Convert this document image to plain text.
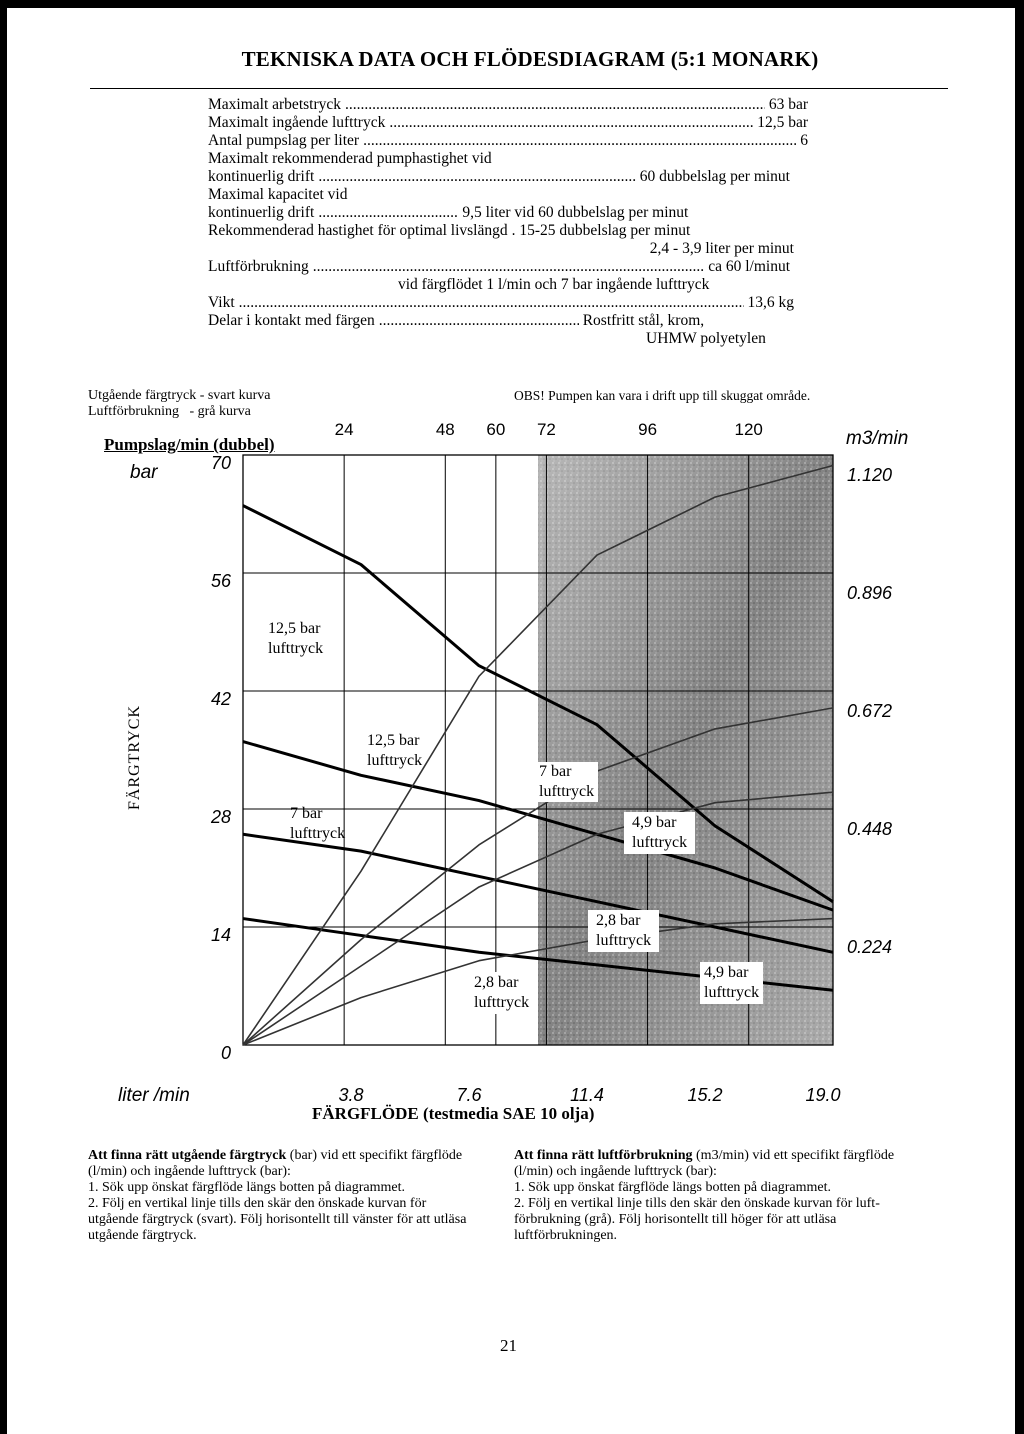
TEKNISKA DATA OCH FLÖDESDIAGRAM (5:1 MONARK)
Maximalt arbetstryck .....	63 bar
Maximalt ingående lufttryck .....	12,5 bar
Antal pumpslag per liter .....	6
Maximalt rekommenderad pumphastighet vid
kontinuerlig drift .....	60 dubbelslag per minut
Maximal kapacitet vid
kontinuerlig drift .....	9,5 liter vid 60 dubbelslag per minut
Rekommenderad hastighet för optimal livslängd . 15-25 dubbelslag per minut
2,4 - 3,9 liter per minut
Luftförbrukning .....	ca 60 l/minut
vid färgflödet 1 l/min och 7 bar ingående lufttryck
Vikt .....	13,6 kg
Delar i kontakt med färgen .....	Rostfritt stål, krom,
UHMW polyetylen
Utgående färgtryck - svart kurva
Luftförbrukning   - grå kurva
OBS! Pumpen kan vara i drift upp till skuggat område.
Pumpslag/min (dubbel)
bar
m3/min
FÄRGTRYCK
liter /min
FÄRGFLÖDE (testmedia SAE 10 olja)
24	48 60 72	96	120
70
56
42
28
14
0
1.120
0.896
0.672
0.448
0.224
3.8	7.6	11.4	15.2	19.0
12,5 bar
lufttryck
12,5 bar
lufttryck
7 bar
lufttryck
7 bar
lufttryck
4,9 bar
lufttryck
2,8 bar
lufttryck
2,8 bar
lufttryck
4,9 bar
lufttryck
Att finna rätt utgående färgtryck (bar) vid ett specifikt färgflöde (l/min) och ingående lufttryck (bar):
1. Sök upp önskat färgflöde längs botten på diagrammet.
2. Följ en vertikal linje tills den skär den önskade kurvan för utgående färgtryck (svart). Följ horisontellt till vänster för att utläsa utgående färgtryck.
Att finna rätt luftförbrukning (m3/min) vid ett specifikt färgflöde (l/min) och ingående lufttryck (bar):
1. Sök upp önskat färgflöde längs botten på diagrammet.
2. Följ en vertikal linje tills den skär den önskade kurvan för luft- förbrukning (grå). Följ horisontellt till höger för att utläsa luftförbrukningen.
21
